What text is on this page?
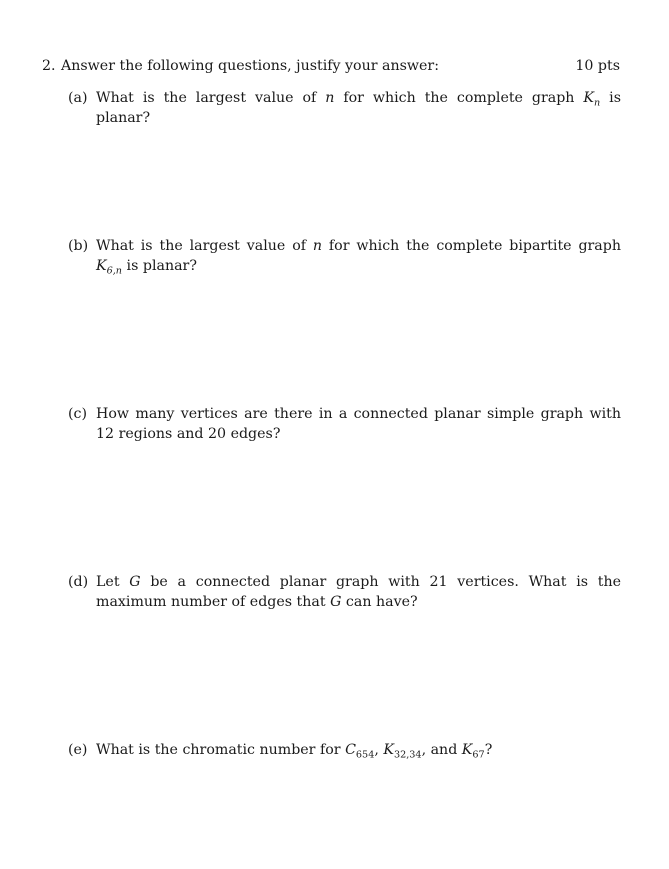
2. Answer the following questions, justify your answer:	10 pts
(a) What is the largest value of n for which the complete graph $K_n$ is planar?
(b) What is the largest value of n for which the complete bipartite graph $K_{6,n}$ is planar?
(c) How many vertices are there in a connected planar simple graph with 12 regions and 20 edges?
(d) Let G be a connected planar graph with 21 vertices. What is the maximum number of edges that G can have?
(e) What is the chromatic number for $C_{654}$, $K_{32,34}$, and $K_{67}$?
